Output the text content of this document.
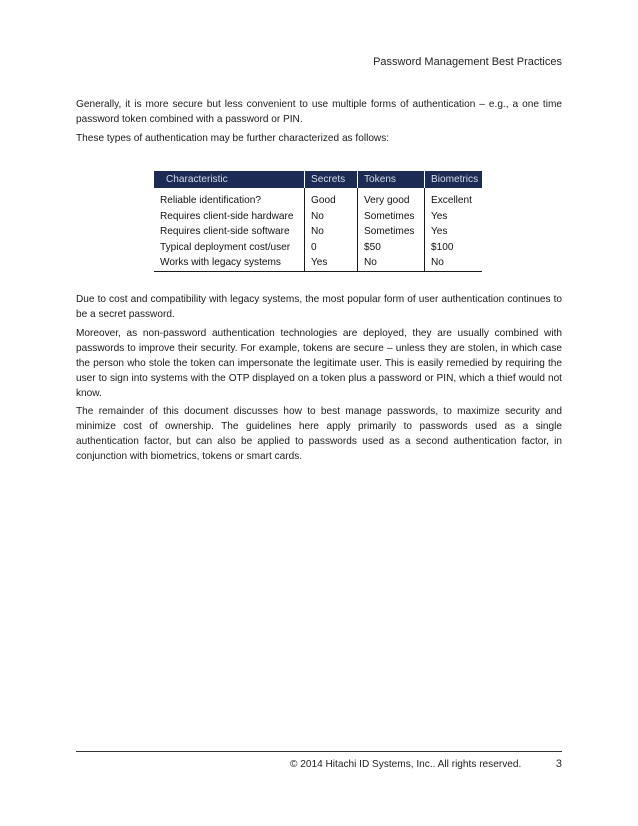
Password Management Best Practices

Generally, it is more secure but less convenient to use multiple forms of authentication – e.g., a one time password token combined with a password or PIN.

These types of authentication may be further characterized as follows:

Characteristic	Secrets	Tokens	Biometrics

Reliable identification?	Good	Very good	Excellent
Requires client-side hardware	No	Sometimes	Yes
Requires client-side software	No	Sometimes	Yes
Typical deployment cost/user	0	$50	$100
Works with legacy systems	Yes	No	No

Due to cost and compatibility with legacy systems, the most popular form of user authentication continues to be a secret password.

Moreover, as non-password authentication technologies are deployed, they are usually combined with passwords to improve their security. For example, tokens are secure – unless they are stolen, in which case the person who stole the token can impersonate the legitimate user. This is easily remedied by requiring the user to sign into systems with the OTP displayed on a token plus a password or PIN, which a thief would not know.

The remainder of this document discusses how to best manage passwords, to maximize security and minimize cost of ownership. The guidelines here apply primarily to passwords used as a single authentication factor, but can also be applied to passwords used as a second authentication factor, in conjunction with biometrics, tokens or smart cards.

© 2014 Hitachi ID Systems, Inc.. All rights reserved.	3
